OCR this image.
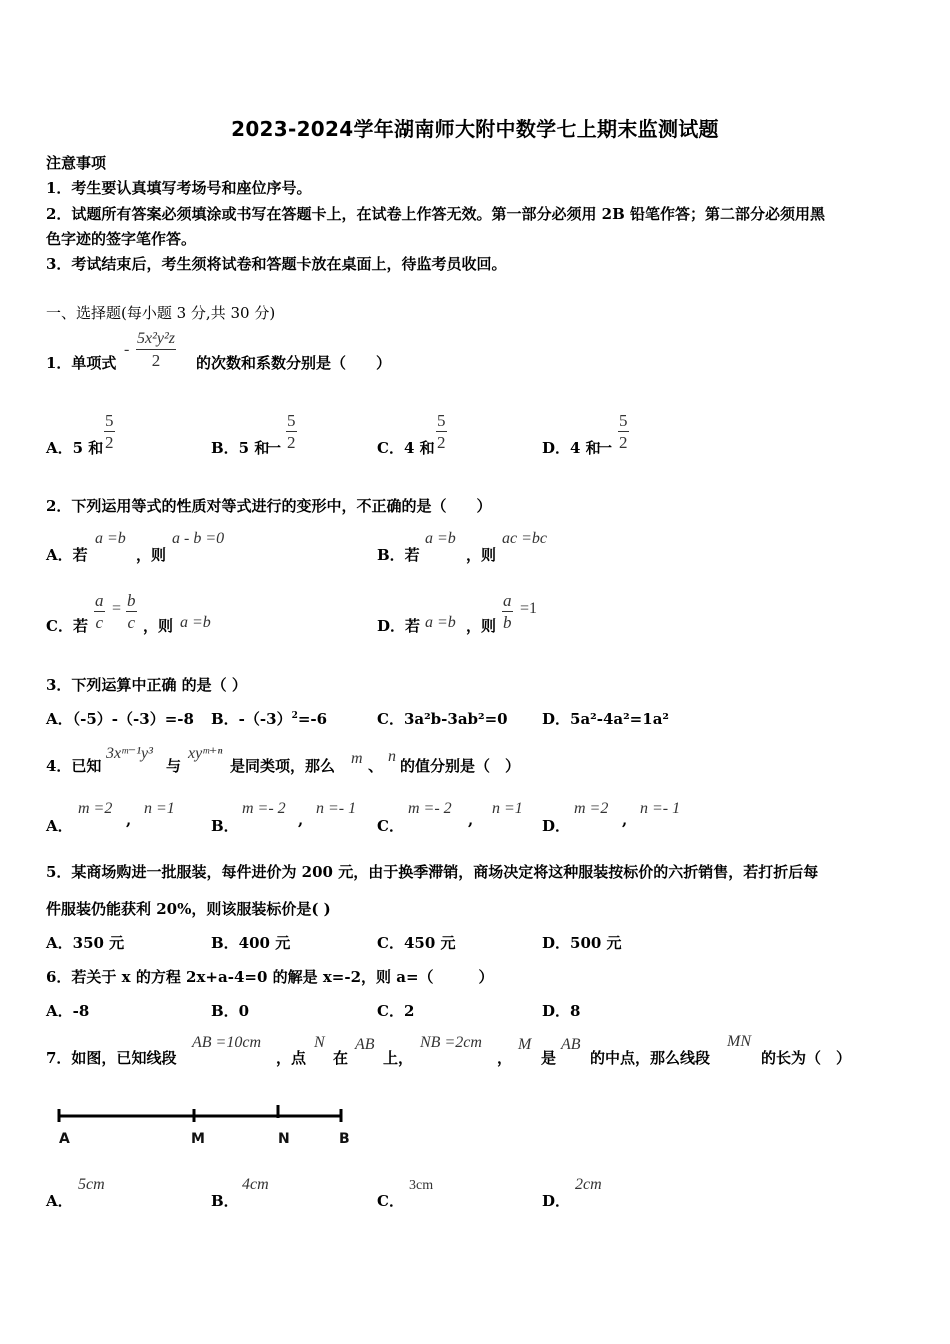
2023-2024学年湖南师大附中数学七上期末监测试题
注意事项
1．考生要认真填写考场号和座位序号。
2．试题所有答案必须填涂或书写在答题卡上，在试卷上作答无效。第一部分必须用 2B 铅笔作答；第二部分必须用黑
色字迹的签字笔作答。
3．考试结束后，考生须将试卷和答题卡放在桌面上，待监考员收回。
一、选择题(每小题 3 分,共 30 分)
1．单项式
- $\frac{\text{5x²y²z}}{2}$ 的次数和系数分别是（　　）
A．5 和 $\frac{5}{2}$	B．5 和
一 $\frac{5}{2}$	C．4 和 $\frac{5}{2}$	D．4 和
一 $\frac{5}{2}$
2．下列运用等式的性质对等式进行的变形中，不正确的是（　　）
A．若
a =b
，则
a - b =0
B．若
a =b
，则
ac =bc
C．若 $\frac{a}{c} = \frac{b}{c}$ ，则 a =b	D．若 a =b ，则 $\frac{a}{b} =1$
3．下列运算中正确 的是（ ）
A．（-5）-（-3）=-8 B．$-(-3)^2=-6$	C．3a²b-3ab²=0 D．5a²-4a²=1a²
4．已知
3xᵐ⁻¹y³
与
xyᵐ⁺ⁿ
是同类项，那么 m 、
n
的值分别是（　）
A．
m =2
,
n =1
B．
m =- 2
,
n =- 1
C．
m =- 2
,
n =1
D．
m =2
,
n =- 1
5．某商场购进一批服装，每件进价为 200 元，由于换季滞销，商场决定将这种服装按标价的六折销售，若打折后每
件服装仍能获利 20%，则该服装标价是( )
A．350 元	B．400 元	C．450 元	D．500 元
6．若关于 x 的方程 2x+a-4=0 的解是 x=-2，则 a=（　　　）
A．-8	B．0	C．2	D．8
7．如图，已知线段
AB =10cm
，点
N
在
AB
上，
NB =2cm
，
M
是
AB
的中点，那么线段
MN
的长为（　）
A	M	N	B
A．
5cm
B．
4cm
C．
3cm
D．
2cm
